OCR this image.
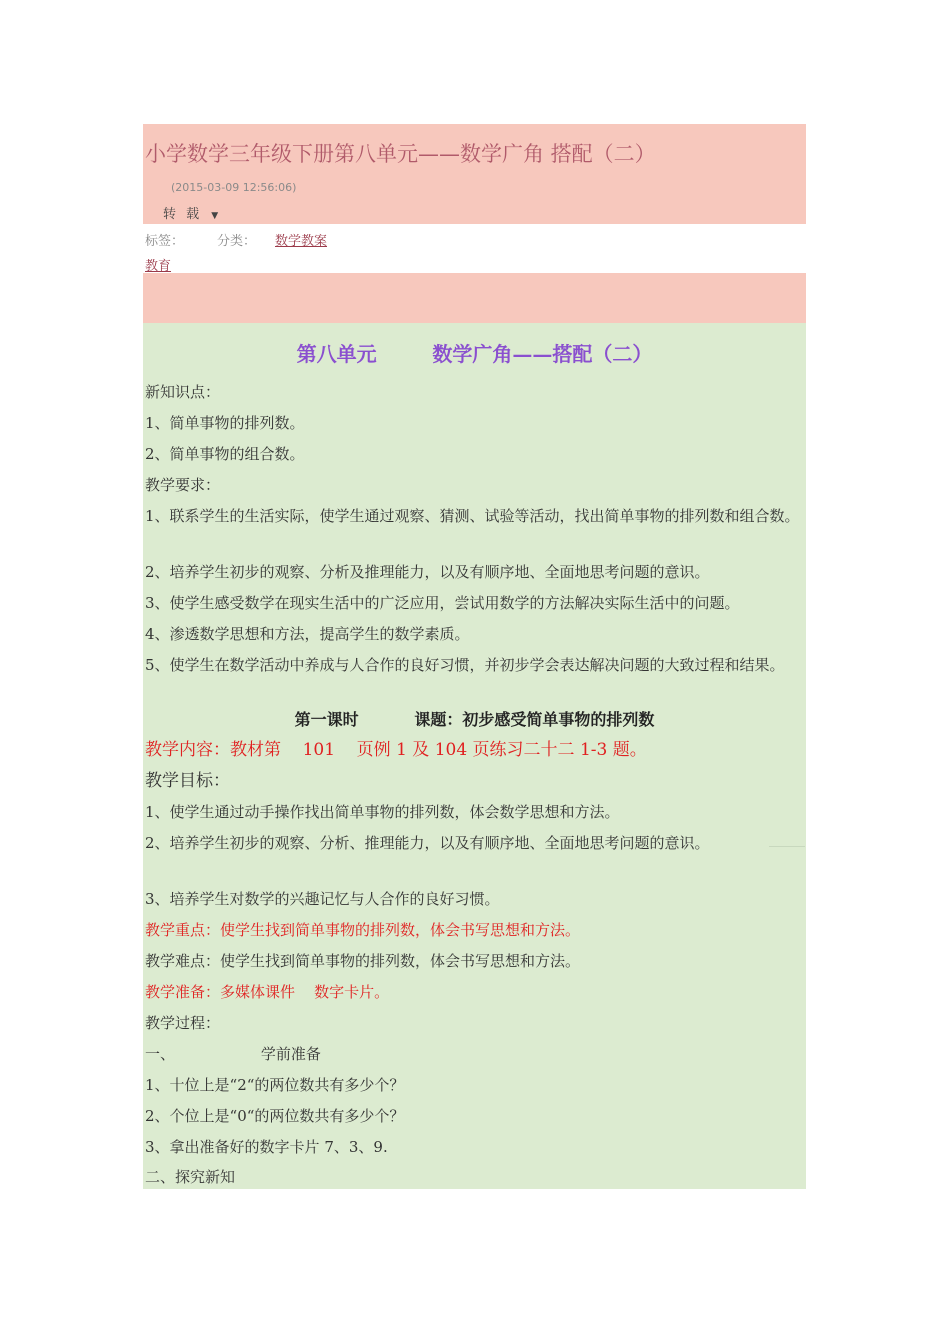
小学数学三年级下册第八单元——数学广角 搭配（二）
(2015-03-09 12:56:06)
转 载 ▼
标签：	分类： 数学教案
教育
第八单元        数学广角——搭配（二）
新知识点：
1、简单事物的排列数。
2、简单事物的组合数。
教学要求：
1、联系学生的生活实际，使学生通过观察、猜测、试验等活动，找出简单事物的排列数和组合数。
2、培养学生初步的观察、分析及推理能力，以及有顺序地、全面地思考问题的意识。
3、使学生感受数学在现实生活中的广泛应用，尝试用数学的方法解决实际生活中的问题。
4、渗透数学思想和方法，提高学生的数学素质。
5、使学生在数学活动中养成与人合作的良好习惯，并初步学会表达解决问题的大致过程和结果。
第一课时          课题：初步感受简单事物的排列数
教学内容：教材第    101    页例 1 及 104 页练习二十二 1-3 题。
教学目标：
1、使学生通过动手操作找出简单事物的排列数，体会数学思想和方法。
2、培养学生初步的观察、分析、推理能力，以及有顺序地、全面地思考问题的意识。
3、培养学生对数学的兴趣记忆与人合作的良好习惯。
教学重点：使学生找到简单事物的排列数，体会书写思想和方法。
教学难点：使学生找到简单事物的排列数，体会书写思想和方法。
教学准备：多媒体课件    数字卡片。
教学过程：
一、                  学前准备
1、十位上是“2“的两位数共有多少个？
2、个位上是“0“的两位数共有多少个？
3、拿出准备好的数字卡片 7、3、9.
二、探究新知
